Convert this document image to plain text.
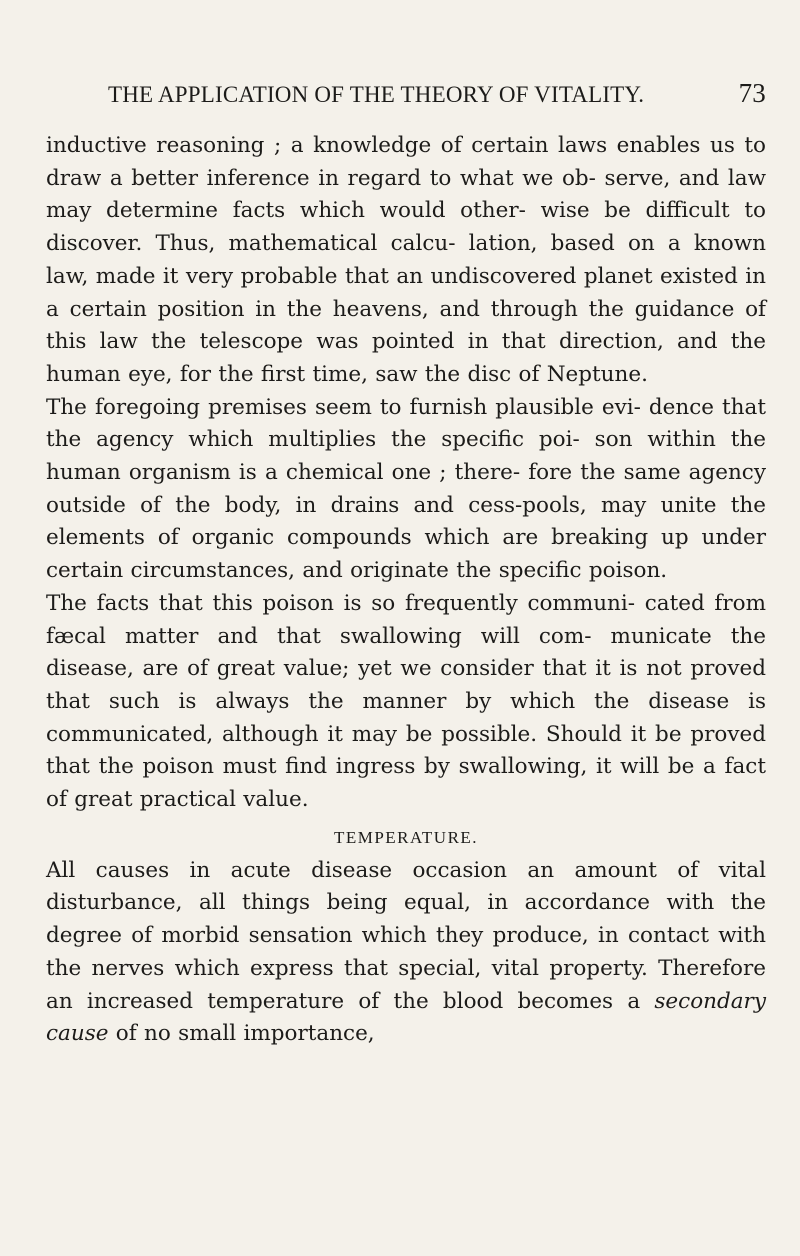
THE APPLICATION OF THE THEORY OF VITALITY.	73

inductive reasoning ; a knowledge of certain laws enables us to draw a better inference in regard to what we ob- serve, and law may determine facts which would other- wise be difficult to discover. Thus, mathematical calcu- lation, based on a known law, made it very probable that an undiscovered planet existed in a certain position in the heavens, and through the guidance of this law the telescope was pointed in that direction, and the human eye, for the first time, saw the disc of Neptune.

The foregoing premises seem to furnish plausible evi- dence that the agency which multiplies the specific poi- son within the human organism is a chemical one ; there- fore the same agency outside of the body, in drains and cess-pools, may unite the elements of organic compounds which are breaking up under certain circumstances, and originate the specific poison.

The facts that this poison is so frequently communi- cated from fæcal matter and that swallowing will com- municate the disease, are of great value; yet we consider that it is not proved that such is always the manner by which the disease is communicated, although it may be possible. Should it be proved that the poison must find ingress by swallowing, it will be a fact of great practical value.

TEMPERATURE.

All causes in acute disease occasion an amount of vital disturbance, all things being equal, in accordance with the degree of morbid sensation which they produce, in contact with the nerves which express that special, vital property. Therefore an increased temperature of the blood becomes a secondary cause of no small importance,
